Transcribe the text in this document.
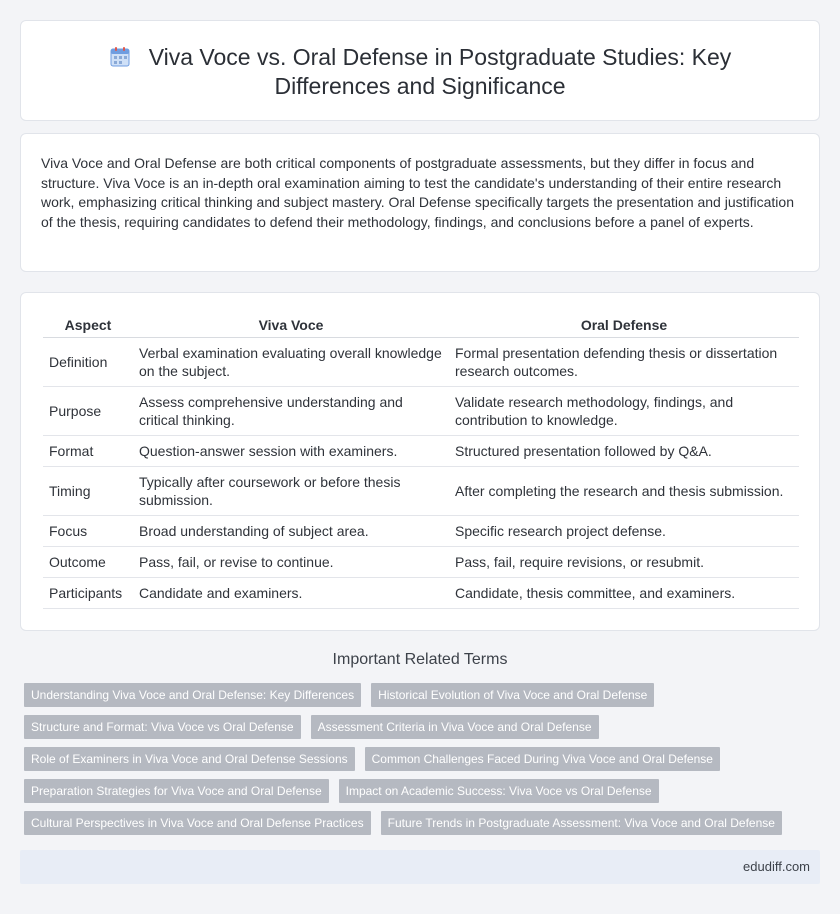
Viva Voce vs. Oral Defense in Postgraduate Studies: Key Differences and Significance

Viva Voce and Oral Defense are both critical components of postgraduate assessments, but they differ in focus and structure. Viva Voce is an in-depth oral examination aiming to test the candidate's understanding of their entire research work, emphasizing critical thinking and subject mastery. Oral Defense specifically targets the presentation and justification of the thesis, requiring candidates to defend their methodology, findings, and conclusions before a panel of experts.

Aspect	Viva Voce	Oral Defense
Definition	Verbal examination evaluating overall knowledge on the subject.	Formal presentation defending thesis or dissertation research outcomes.
Purpose	Assess comprehensive understanding and critical thinking.	Validate research methodology, findings, and contribution to knowledge.
Format	Question-answer session with examiners.	Structured presentation followed by Q&A.
Timing	Typically after coursework or before thesis submission.	After completing the research and thesis submission.
Focus	Broad understanding of subject area.	Specific research project defense.
Outcome	Pass, fail, or revise to continue.	Pass, fail, require revisions, or resubmit.
Participants	Candidate and examiners.	Candidate, thesis committee, and examiners.
Important Related Terms
Understanding Viva Voce and Oral Defense: Key Differences Historical Evolution of Viva Voce and Oral Defense
Structure and Format: Viva Voce vs Oral Defense Assessment Criteria in Viva Voce and Oral Defense
Role of Examiners in Viva Voce and Oral Defense Sessions Common Challenges Faced During Viva Voce and Oral Defense
Preparation Strategies for Viva Voce and Oral Defense Impact on Academic Success: Viva Voce vs Oral Defense
Cultural Perspectives in Viva Voce and Oral Defense Practices Future Trends in Postgraduate Assessment: Viva Voce and Oral Defense
edudiff.com
